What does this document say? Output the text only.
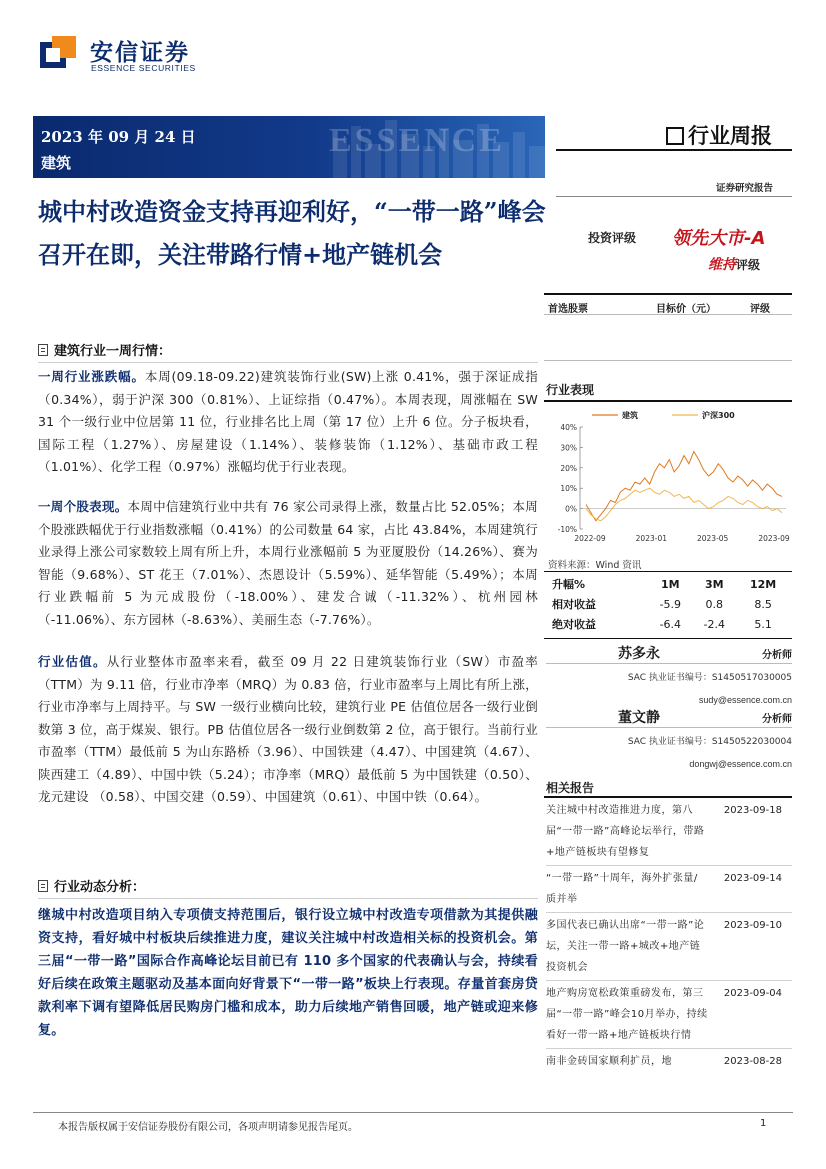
安信证券
ESSENCE SECURITIES
ESSENCE
2023 年 09 月 24 日
建筑
行业周报
证券研究报告
城中村改造资金支持再迎利好，“一带一路”峰会召开在即，关注带路行情+地产链机会
投资评级 领先大市-A
维持评级
首选股票	目标价（元）	评级
行业表现
40%
30%
20%
10%
0%
-10%
2022-09	2023-01	2023-05	2023-09
建筑	沪深300
资料来源：Wind 资讯
升幅%	1M	3M	12M
相对收益	-5.9	0.8	8.5
绝对收益	-6.4	-2.4	5.1
苏多永	分析师
SAC 执业证书编号：S1450517030005
sudy@essence.com.cn
董文静	分析师
SAC 执业证书编号：S1450522030004
dongwj@essence.com.cn
相关报告
关注城中村改造推进力度，第八届“一带一路”高峰论坛举行，带路+地产链板块有望修复
2023-09-18
“一带一路”十周年，海外扩张量/质并举
2023-09-14
多国代表已确认出席“一带一路”论坛，关注一带一路+城改+地产链投资机会
2023-09-10
地产购房宽松政策重磅发布，第三届“一带一路”峰会10月举办，持续看好一带一路+地产链板块行情
2023-09-04
南非金砖国家顺利扩员，地	2023-08-28
建筑行业一周行情：
一周行业涨跌幅。本周(09.18-09.22)建筑装饰行业(SW)上涨 0.41%，强于深证成指（0.34%），弱于沪深 300（0.81%）、上证综指（0.47%）。本周表现，周涨幅在 SW 31 个一级行业中位居第 11 位，行业排名比上周（第 17 位）上升 6 位。分子板块看，国际工程（1.27%）、房屋建设（1.14%）、装修装饰（1.12%）、基础市政工程（1.01%）、化学工程（0.97%）涨幅均优于行业表现。
一周个股表现。本周中信建筑行业中共有 76 家公司录得上涨，数量占比 52.05%；本周个股涨跌幅优于行业指数涨幅（0.41%）的公司数量 64 家，占比 43.84%，本周建筑行业录得上涨公司家数较上周有所上升，本周行业涨幅前 5 为亚厦股份（14.26%）、赛为智能（9.68%）、ST 花王（7.01%）、杰恩设计（5.59%）、延华智能（5.49%）；本周行业跌幅前 5 为元成股份（-18.00%）、建发合诚（-11.32%）、杭州园林（-11.06%）、东方园林（-8.63%）、美丽生态（-7.76%）。
行业估值。从行业整体市盈率来看，截至 09 月 22 日建筑装饰行业（SW）市盈率（TTM）为 9.11 倍，行业市净率（MRQ）为 0.83 倍，行业市盈率与上周比有所上涨，行业市净率与上周持平。与 SW 一级行业横向比较，建筑行业 PE 估值位居各一级行业倒数第 3 位，高于煤炭、银行。PB 估值位居各一级行业倒数第 2 位，高于银行。当前行业市盈率（TTM）最低前 5 为山东路桥（3.96）、中国铁建（4.47）、中国建筑（4.67）、陕西建工（4.89）、中国中铁（5.24）；市净率（MRQ）最低前 5 为中国铁建（0.50）、龙元建设 （0.58）、中国交建（0.59）、中国建筑（0.61）、中国中铁（0.64）。
行业动态分析：
继城中村改造项目纳入专项债支持范围后，银行设立城中村改造专项借款为其提供融资支持，看好城中村板块后续推进力度，建议关注城中村改造相关标的投资机会。第三届“一带一路”国际合作高峰论坛目前已有 110 多个国家的代表确认与会，持续看好后续在政策主题驱动及基本面向好背景下“一带一路”板块上行表现。存量首套房贷款利率下调有望降低居民购房门槛和成本，助力后续地产销售回暖，地产链或迎来修复。
本报告版权属于安信证券股份有限公司，各项声明请参见报告尾页。	1
